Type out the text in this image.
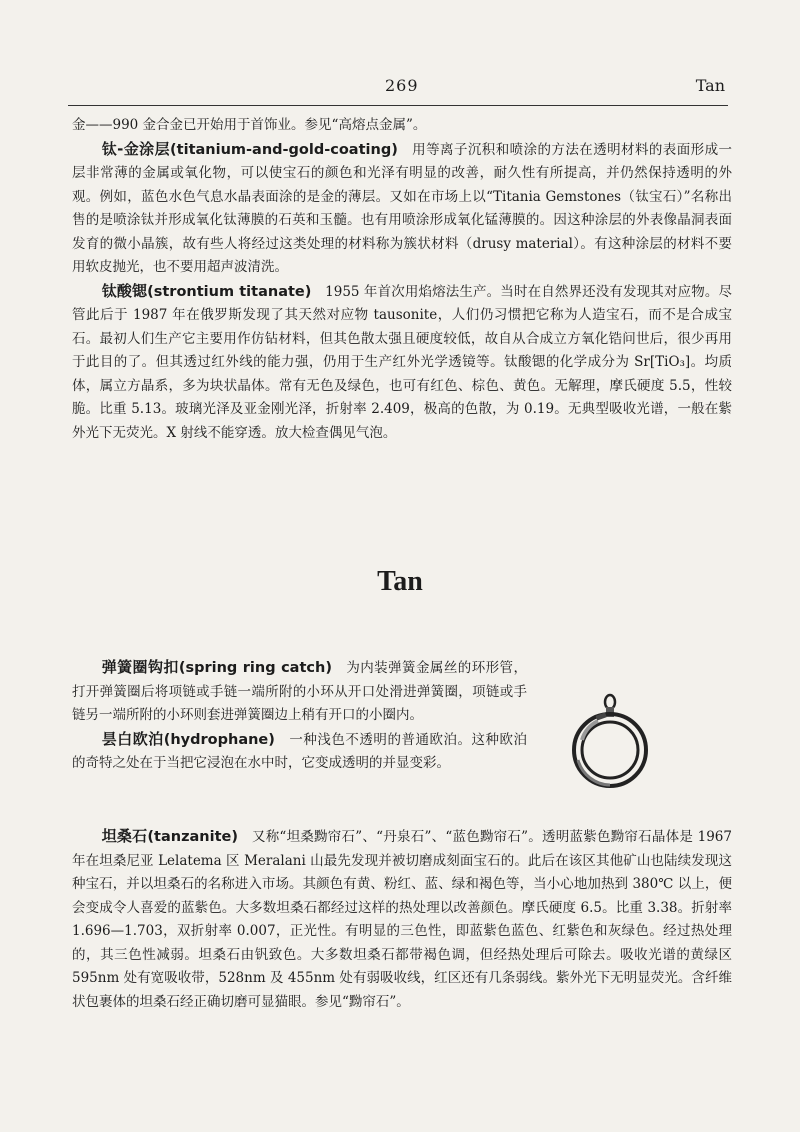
269	Tan

金——990 金合金已开始用于首饰业。参见“高熔点金属”。

钛-金涂层(titanium-and-gold-coating)　用等离子沉积和喷涂的方法在透明材料的表面形成一层非常薄的金属或氧化物，可以使宝石的颜色和光泽有明显的改善，耐久性有所提高，并仍然保持透明的外观。例如，蓝色水色气息水晶表面涂的是金的薄层。又如在市场上以“Titania Gemstones（钛宝石）”名称出售的是喷涂钛并形成氧化钛薄膜的石英和玉髓。也有用喷涂形成氧化锰薄膜的。因这种涂层的外表像晶洞表面发育的微小晶簇，故有些人将经过这类处理的材料称为簇状材料（drusy material）。有这种涂层的材料不要用软皮抛光，也不要用超声波清洗。

钛酸锶(strontium titanate)　1955 年首次用焰熔法生产。当时在自然界还没有发现其对应物。尽管此后于 1987 年在俄罗斯发现了其天然对应物 tausonite，人们仍习惯把它称为人造宝石，而不是合成宝石。最初人们生产它主要用作仿钻材料，但其色散太强且硬度较低，故自从合成立方氧化锆问世后，很少再用于此目的了。但其透过红外线的能力强，仍用于生产红外光学透镜等。钛酸锶的化学成分为 Sr[TiO₃]。均质体，属立方晶系，多为块状晶体。常有无色及绿色，也可有红色、棕色、黄色。无解理，摩氏硬度 5.5，性较脆。比重 5.13。玻璃光泽及亚金刚光泽，折射率 2.409，极高的色散，为 0.19。无典型吸收光谱，一般在紫外光下无荧光。X 射线不能穿透。放大检查偶见气泡。

Tan

弹簧圈钩扣(spring ring catch)　为内装弹簧金属丝的环形管，打开弹簧圈后将项链或手链一端所附的小环从开口处滑进弹簧圈，项链或手链另一端所附的小环则套进弹簧圈边上稍有开口的小圈内。

昙白欧泊(hydrophane)　一种浅色不透明的普通欧泊。这种欧泊的奇特之处在于当把它浸泡在水中时，它变成透明的并显变彩。

坦桑石(tanzanite)　又称“坦桑黝帘石”、“丹泉石”、“蓝色黝帘石”。透明蓝紫色黝帘石晶体是 1967 年在坦桑尼亚 Lelatema 区 Meralani 山最先发现并被切磨成刻面宝石的。此后在该区其他矿山也陆续发现这种宝石，并以坦桑石的名称进入市场。其颜色有黄、粉红、蓝、绿和褐色等，当小心地加热到 380℃ 以上，便会变成令人喜爱的蓝紫色。大多数坦桑石都经过这样的热处理以改善颜色。摩氏硬度 6.5。比重 3.38。折射率 1.696—1.703，双折射率 0.007，正光性。有明显的三色性，即蓝紫色蓝色、红紫色和灰绿色。经过热处理的，其三色性减弱。坦桑石由钒致色。大多数坦桑石都带褐色调，但经热处理后可除去。吸收光谱的黄绿区 595nm 处有宽吸收带，528nm 及 455nm 处有弱吸收线，红区还有几条弱线。紫外光下无明显荧光。含纤维状包裹体的坦桑石经正确切磨可显猫眼。参见“黝帘石”。
